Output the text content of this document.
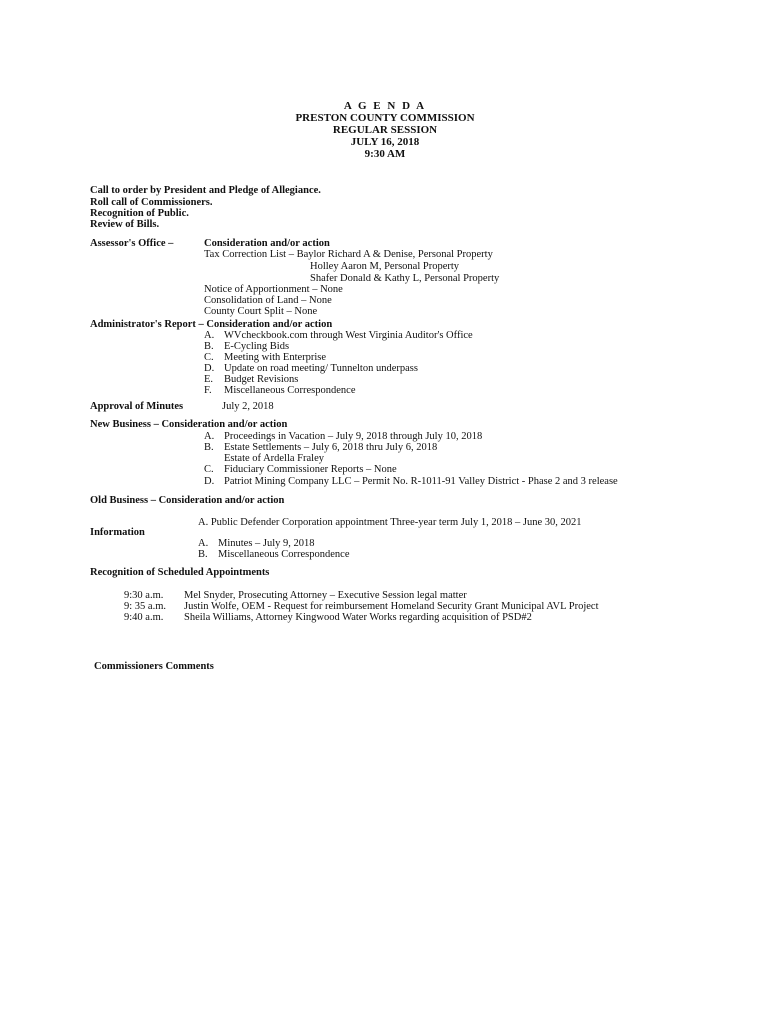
A G E N D A
PRESTON COUNTY COMMISSION
REGULAR SESSION
JULY 16, 2018
9:30 AM
Call to order by President and Pledge of Allegiance.
Roll call of Commissioners.
Recognition of Public.
Review of Bills.
Assessor's Office –	Consideration and/or action
Tax Correction List – Baylor Richard A & Denise, Personal Property
Holley Aaron M, Personal Property
Shafer Donald & Kathy L, Personal Property
Notice of Apportionment – None
Consolidation of Land – None
County Court Split – None
Administrator's Report – Consideration and/or action
A. WVcheckbook.com through West Virginia Auditor's Office
B. E-Cycling Bids
C. Meeting with Enterprise
D. Update on road meeting/ Tunnelton underpass
E. Budget Revisions
F. Miscellaneous Correspondence
Approval of Minutes	July 2, 2018
New Business – Consideration and/or action
A. Proceedings in Vacation – July 9, 2018 through July 10, 2018
B. Estate Settlements – July 6, 2018 thru July 6, 2018
Estate of Ardella Fraley
C. Fiduciary Commissioner Reports – None
D. Patriot Mining Company LLC – Permit No. R-1011-91 Valley District - Phase 2 and 3 release
Old Business – Consideration and/or action
A. Public Defender Corporation appointment Three-year term July 1, 2018 – June 30, 2021
Information
A. Minutes – July 9, 2018
B. Miscellaneous Correspondence
Recognition of Scheduled Appointments
9:30 a.m. Mel Snyder, Prosecuting Attorney – Executive Session legal matter
9: 35 a.m. Justin Wolfe, OEM - Request for reimbursement Homeland Security Grant Municipal AVL Project
9:40 a.m. Sheila Williams, Attorney Kingwood Water Works regarding acquisition of PSD#2
Commissioners Comments
